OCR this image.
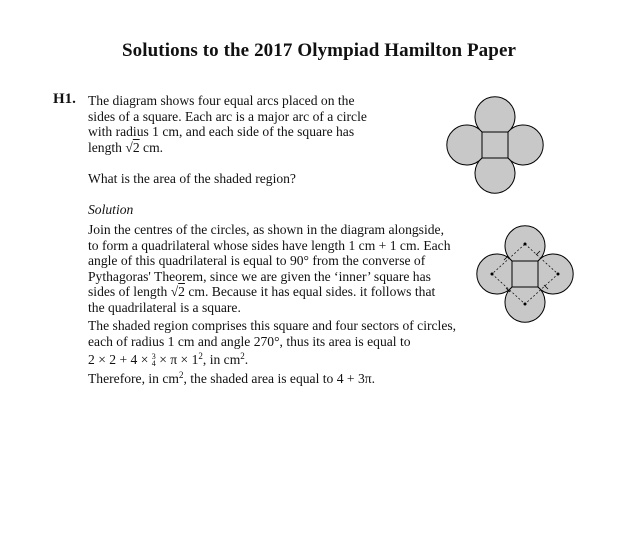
Solutions to the 2017 Olympiad Hamilton Paper
H1. The diagram shows four equal arcs placed on the
sides of a square. Each arc is a major arc of a circle
with radius 1 cm, and each side of the square has
length √2 cm.
What is the area of the shaded region?
Solution
Join the centres of the circles, as shown in the diagram alongside,
to form a quadrilateral whose sides have length 1 cm + 1 cm. Each
angle of this quadrilateral is equal to 90° from the converse of
Pythagoras' Theorem, since we are given the ‘inner’ square has
sides of length √2 cm. Because it has equal sides. it follows that
the quadrilateral is a square.
The shaded region comprises this square and four sectors of circles,
each of radius 1 cm and angle 270°, thus its area is equal to
2 × 2 + 4 × 3
$4 \times \pi \times 1^2$, in $cm^2$.
Therefore, in $cm^2$, the shaded area is equal to 4 + 3π.
